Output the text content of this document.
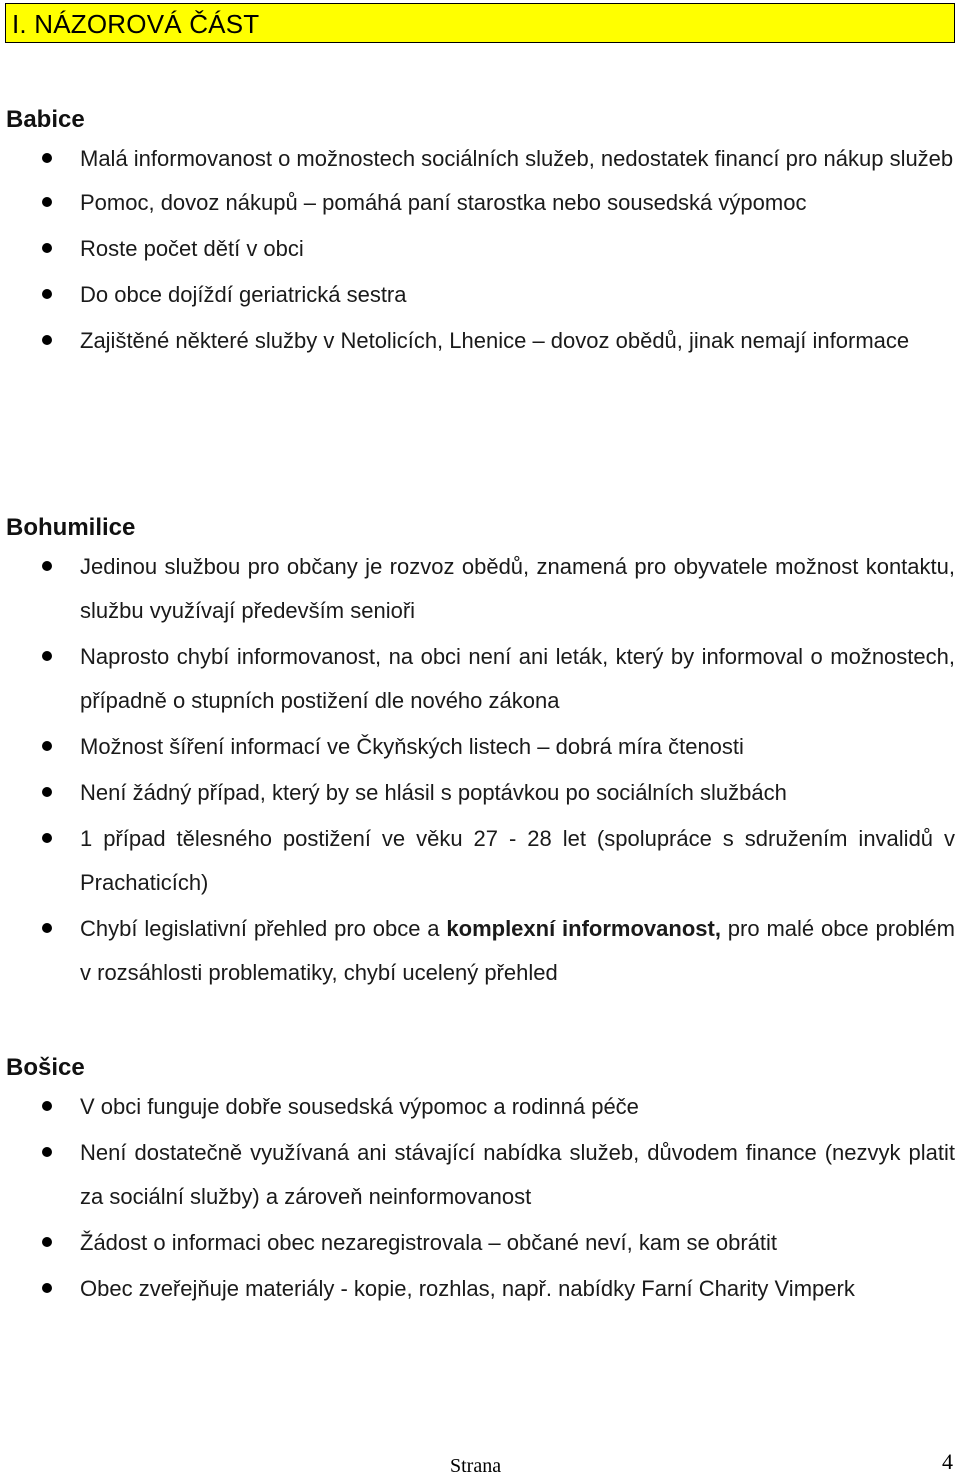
I. NÁZOROVÁ ČÁST
Babice
Malá informovanost o možnostech sociálních služeb, nedostatek financí pro nákup služeb
Pomoc, dovoz nákupů – pomáhá paní starostka nebo sousedská výpomoc
Roste počet dětí v obci
Do obce dojíždí geriatrická sestra
Zajištěné některé služby v Netolicích, Lhenice – dovoz obědů, jinak nemají informace
Bohumilice
Jedinou službou pro občany je rozvoz obědů, znamená pro obyvatele možnost kontaktu, službu využívají především senioři
Naprosto chybí informovanost, na obci není ani leták, který by informoval o možnostech, případně o stupních postižení dle nového zákona
Možnost šíření informací ve Čkyňských listech – dobrá míra čtenosti
Není žádný případ, který by se hlásil s poptávkou po sociálních službách
1 případ tělesného postižení ve věku 27 - 28 let (spolupráce s sdružením invalidů v Prachaticích)
Chybí legislativní přehled pro obce a komplexní informovanost, pro malé obce problém v rozsáhlosti problematiky, chybí ucelený přehled
Bošice
V obci funguje dobře sousedská výpomoc a rodinná péče
Není dostatečně využívaná ani stávající nabídka služeb, důvodem finance (nezvyk platit za sociální služby) a zároveň neinformovanost
Žádost o informaci obec nezaregistrovala – občané neví, kam se obrátit
Obec zveřejňuje materiály - kopie, rozhlas, např. nabídky Farní Charity Vimperk
Strana	4
